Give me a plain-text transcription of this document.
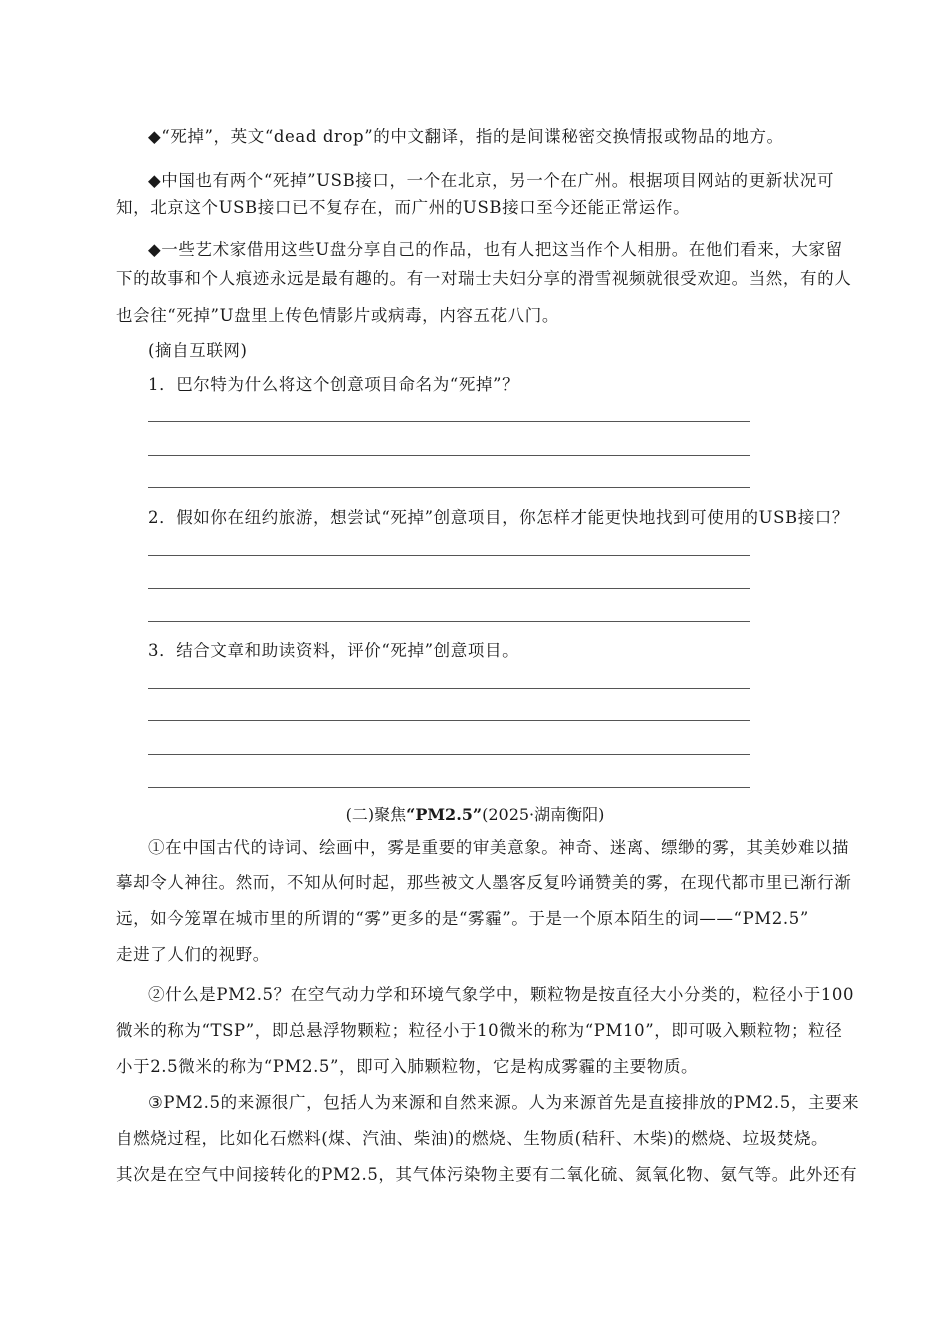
◆“死掉”，英文“dead drop”的中文翻译，指的是间谍秘密交换情报或物品的地方。
◆中国也有两个“死掉”USB接口，一个在北京，另一个在广州。根据项目网站的更新状况可
知，北京这个USB接口已不复存在，而广州的USB接口至今还能正常运作。
◆一些艺术家借用这些U盘分享自己的作品，也有人把这当作个人相册。在他们看来，大家留
下的故事和个人痕迹永远是最有趣的。有一对瑞士夫妇分享的滑雪视频就很受欢迎。当然，有的人
也会往“死掉”U盘里上传色情影片或病毒，内容五花八门。
(摘自互联网)
1．巴尔特为什么将这个创意项目命名为“死掉”？
2．假如你在纽约旅游，想尝试“死掉”创意项目，你怎样才能更快地找到可使用的USB接口？
3．结合文章和助读资料，评价“死掉”创意项目。
(二)聚焦“PM2.5”(2025·湖南衡阳)
①在中国古代的诗词、绘画中，雾是重要的审美意象。神奇、迷离、缥缈的雾，其美妙难以描
摹却令人神往。然而，不知从何时起，那些被文人墨客反复吟诵赞美的雾，在现代都市里已渐行渐
远，如今笼罩在城市里的所谓的“雾”更多的是“雾霾”。于是一个原本陌生的词——“PM2.5”
走进了人们的视野。
②什么是PM2.5？在空气动力学和环境气象学中，颗粒物是按直径大小分类的，粒径小于100
微米的称为“TSP”，即总悬浮物颗粒；粒径小于10微米的称为“PM10”，即可吸入颗粒物；粒径
小于2.5微米的称为“PM2.5”，即可入肺颗粒物，它是构成雾霾的主要物质。
③PM2.5的来源很广，包括人为来源和自然来源。人为来源首先是直接排放的PM2.5，主要来
自燃烧过程，比如化石燃料(煤、汽油、柴油)的燃烧、生物质(秸秆、木柴)的燃烧、垃圾焚烧。
其次是在空气中间接转化的PM2.5，其气体污染物主要有二氧化硫、氮氧化物、氨气等。此外还有
